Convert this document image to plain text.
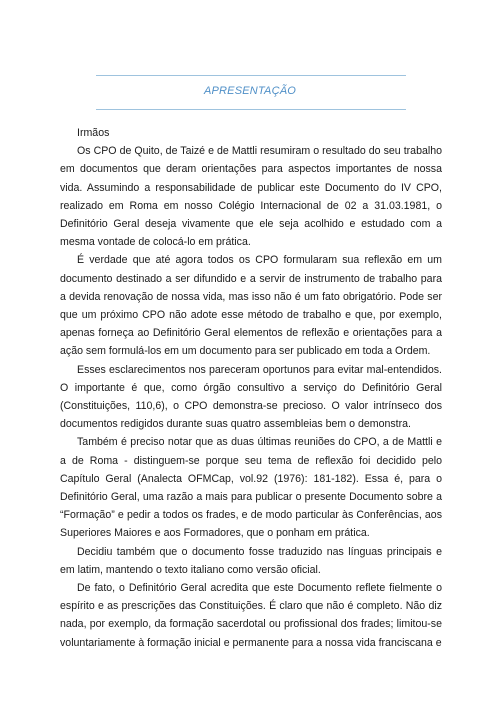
APRESENTAÇÃO

Irmãos

Os CPO de Quito, de Taizé e de Mattli resumiram o resultado do seu trabalho em documentos que deram orientações para aspectos importantes de nossa vida. Assumindo a responsabilidade de publicar este Documento do IV CPO, realizado em Roma em nosso Colégio Internacional de 02 a 31.03.1981, o Definitório Geral deseja vivamente que ele seja acolhido e estudado com a mesma vontade de colocá-lo em prática.

É verdade que até agora todos os CPO formularam sua reflexão em um documento destinado a ser difundido e a servir de instrumento de trabalho para a devida renovação de nossa vida, mas isso não é um fato obrigatório. Pode ser que um próximo CPO não adote esse método de trabalho e que, por exemplo, apenas forneça ao Definitório Geral elementos de reflexão e orientações para a ação sem formulá-los em um documento para ser publicado em toda a Ordem.

Esses esclarecimentos nos pareceram oportunos para evitar mal-entendidos. O importante é que, como órgão consultivo a serviço do Definitório Geral (Constituições, 110,6), o CPO demonstra-se precioso. O valor intrínseco dos documentos redigidos durante suas quatro assembleias bem o demonstra.

Também é preciso notar que as duas últimas reuniões do CPO, a de Mattli e a de Roma - distinguem-se porque seu tema de reflexão foi decidido pelo Capítulo Geral (Analecta OFMCap, vol.92 (1976): 181-182). Essa é, para o Definitório Geral, uma razão a mais para publicar o presente Documento sobre a “Formação” e pedir a todos os frades, e de modo particular às Conferências, aos Superiores Maiores e aos Formadores, que o ponham em prática.

Decidiu também que o documento fosse traduzido nas línguas principais e em latim, mantendo o texto italiano como versão oficial.

De fato, o Definitório Geral acredita que este Documento reflete fielmente o espírito e as prescrições das Constituições. É claro que não é completo. Não diz nada, por exemplo, da formação sacerdotal ou profissional dos frades; limitou-se voluntariamente à formação inicial e permanente para a nossa vida franciscana e
